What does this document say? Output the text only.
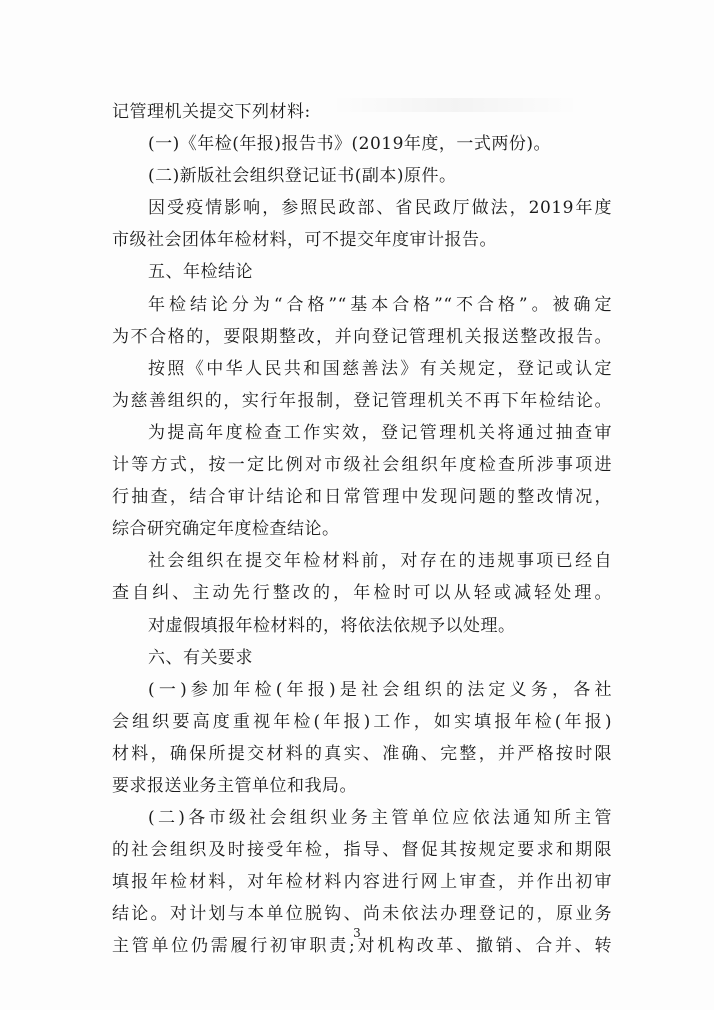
记管理机关提交下列材料:
(一)《年检(年报)报告书》(2019年度，一式两份)。
(二)新版社会组织登记证书(副本)原件。
因受疫情影响，参照民政部、省民政厅做法，2019年度
市级社会团体年检材料，可不提交年度审计报告。
五、年检结论
年检结论分为“合格”“基本合格”“不合格”。被确定
为不合格的，要限期整改，并向登记管理机关报送整改报告。
按照《中华人民共和国慈善法》有关规定，登记或认定
为慈善组织的，实行年报制，登记管理机关不再下年检结论。
为提高年度检查工作实效，登记管理机关将通过抽查审
计等方式，按一定比例对市级社会组织年度检查所涉事项进
行抽查，结合审计结论和日常管理中发现问题的整改情况，
综合研究确定年度检查结论。
社会组织在提交年检材料前，对存在的违规事项已经自
查自纠、主动先行整改的，年检时可以从轻或减轻处理。
对虚假填报年检材料的，将依法依规予以处理。
六、有关要求
(一)参加年检(年报)是社会组织的法定义务，各社
会组织要高度重视年检(年报)工作，如实填报年检(年报)
材料，确保所提交材料的真实、准确、完整，并严格按时限
要求报送业务主管单位和我局。
(二)各市级社会组织业务主管单位应依法通知所主管
的社会组织及时接受年检，指导、督促其按规定要求和期限
填报年检材料，对年检材料内容进行网上审查，并作出初审
结论。对计划与本单位脱钩、尚未依法办理登记的，原业务
主管单位仍需履行初审职责;对机构改革、撤销、合并、转
3
